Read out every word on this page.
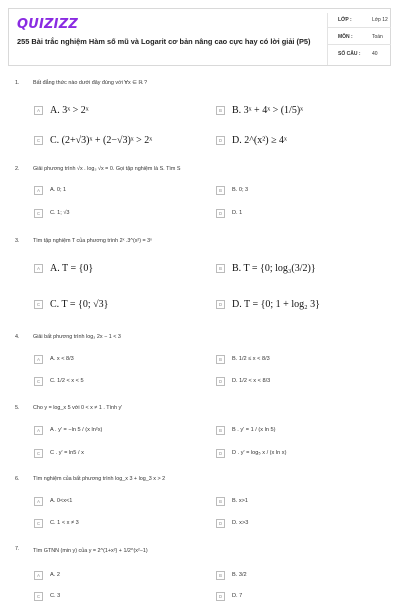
QUIZIZZ
255 Bài trắc nghiệm Hàm số mũ và Logarit cơ bản nâng cao cực hay có lời giải (P5)
LỚP :	Lớp 12
MÔN :	Toán
SỐ CÂU : 40
1.	Bất đẳng thức nào dưới đây đúng với ∀x ∈ ℝ ?
A	A. 3ˣ > 2ˣ	B	B. 3ˣ + 4ˣ > (1/5)ˣ
C C. (2+√3)ˣ + (2−√3)ˣ > 2ˣ	D D. 2^(x²) ≥ 4ˣ
2.	Giải phương trình √x . log₃ √x = 0. Gọi tập nghiệm là S. Tìm S
A	A. 0; 1	B	B. 0; 3
C	C. 1; √3	D	D. 1
3.	Tìm tập nghiệm T của phương trình 2ˣ .3^(x²) = 3ˣ
A	A. T = {0}	B	B. T = {0; log₃(3/2)}
C C. T = {0; √3}	D D. T = {0; 1 + log₂ 3}
4.	Giải bất phương trình log₃ 2x − 1 < 3
A	A. x < 8/3	B	B. 1/2 ≤ x < 8/3
C	C. 1/2 < x < 5	D	D. 1/2 < x < 8/3
5.	Cho y = log_x 5 với 0 < x ≠ 1 . Tính y'
A	A . y' = −ln 5 / (x ln²x)	B	B . y' = 1 / (x ln 5)
C	C . y' = ln5 / x	D	D . y' = log₅ x / (x ln x)
6.	Tìm nghiệm của bất phương trình log_x 3 + log_3 x > 2
A	A. 0<x<1	B	B. x>1
C	C. 1 < x ≠ 3	D	D. x>3
7.	Tìm GTNN (min y) của y = 2^(1+x²) + 1/2^(x²−1)
A	A. 2	B	B. 3/2
C	C. 3	D	D. 7
